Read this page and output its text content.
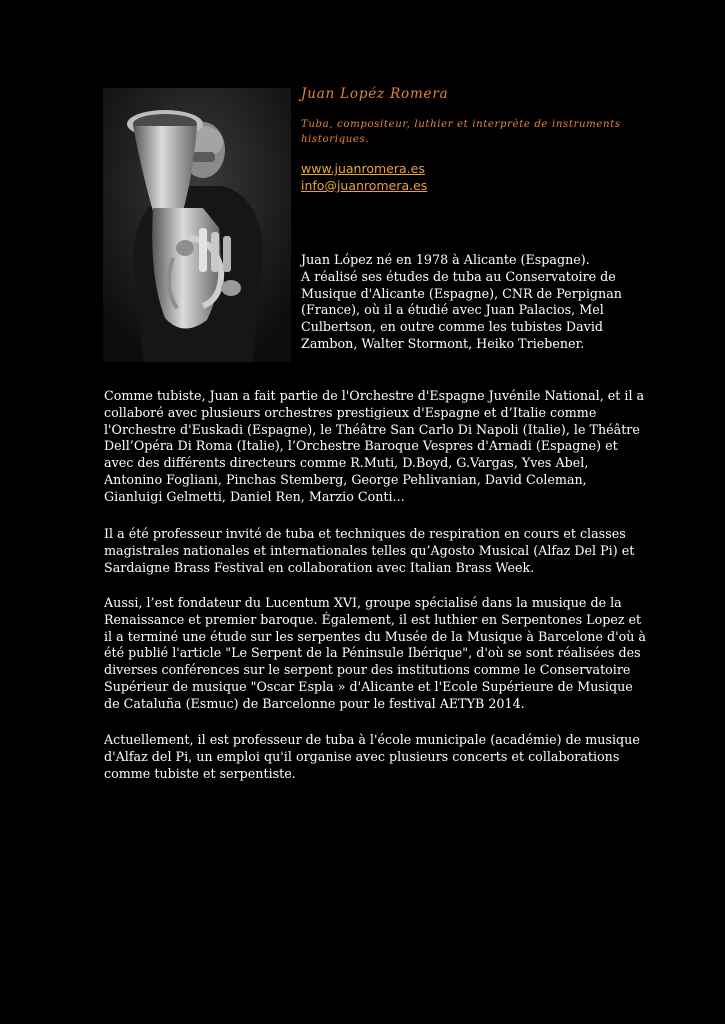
Juan Lopéz Romera

Tuba, compositeur, luthier et interprète de instruments
historiques.

www.juanromera.es
info@juanromera.es

Juan López né en 1978 à Alicante (Espagne).
A réalisé ses études de tuba au Conservatoire de
Musique d'Alicante (Espagne), CNR de Perpignan
(France), où il a étudié avec Juan Palacios, Mel
Culbertson, en outre comme les tubistes David
Zambon, Walter Stormont, Heiko Triebener.

Comme tubiste, Juan a fait partie de l'Orchestre d'Espagne Juvénile National, et il a
collaboré avec plusieurs orchestres prestigieux d'Espagne et d’Italie comme
l'Orchestre d'Euskadi (Espagne), le Théâtre San Carlo Di Napoli (Italie), le Théâtre
Dell’Opéra Di Roma (Italie), l’Orchestre Baroque Vespres d'Arnadi (Espagne) et
avec des différents directeurs comme R.Muti, D.Boyd, G.Vargas, Yves Abel,
Antonino Fogliani, Pinchas Stemberg, George Pehlivanian, David Coleman,
Gianluigi Gelmetti, Daniel Ren, Marzio Conti...

Il a été professeur invité de tuba et techniques de respiration en cours et classes
magistrales nationales et internationales telles qu’Agosto Musical (Alfaz Del Pi) et
Sardaigne Brass Festival en collaboration avec Italian Brass Week.

Aussi, l’est fondateur du Lucentum XVI, groupe spécialisé dans la musique de la
Renaissance et premier baroque. Également, il est luthier en Serpentones Lopez et
il a terminé une étude sur les serpentes du Musée de la Musique à Barcelone d'où à
été publié l'article "Le Serpent de la Péninsule Ibérique", d'où se sont réalisées des
diverses conférences sur le serpent pour des institutions comme le Conservatoire
Supérieur de musique "Oscar Espla » d'Alicante et l'Ecole Supérieure de Musique
de Cataluña (Esmuc) de Barcelonne pour le festival AETYB 2014.

Actuellement, il est professeur de tuba à l'école municipale (académie) de musique
d'Alfaz del Pi, un emploi qu'il organise avec plusieurs concerts et collaborations
comme tubiste et serpentiste.
